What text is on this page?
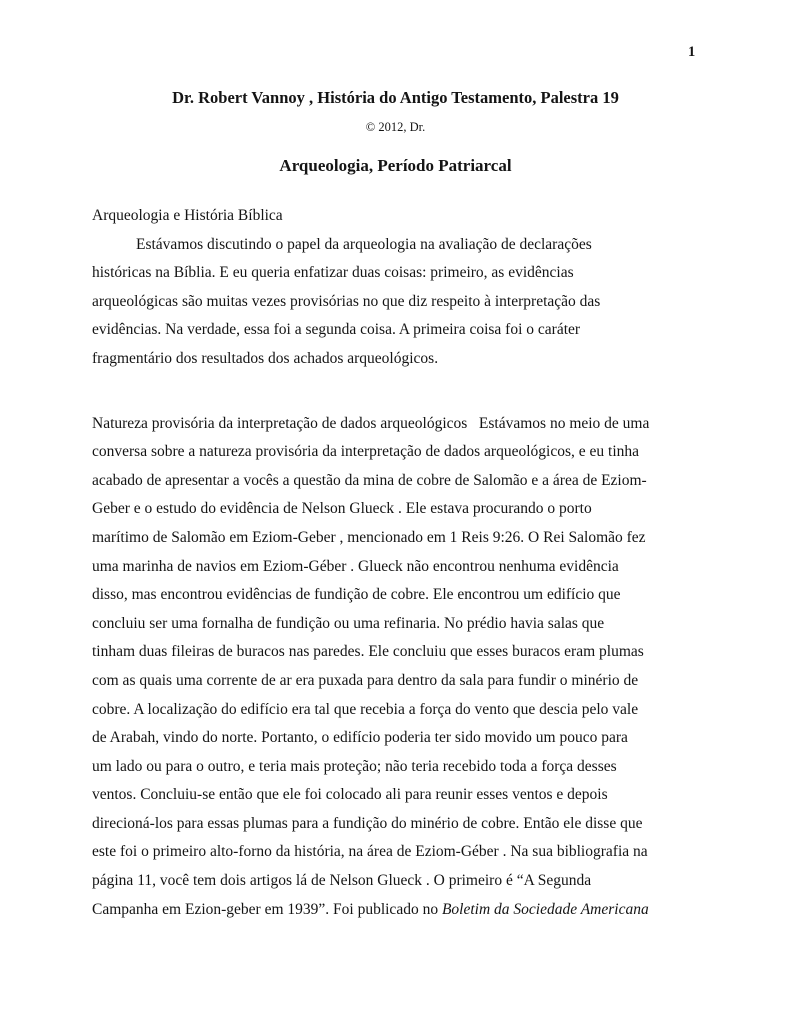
1
Dr. Robert Vannoy , História do Antigo Testamento, Palestra 19
© 2012, Dr.
Arqueologia, Período Patriarcal
Arqueologia e História Bíblica
Estávamos discutindo o papel da arqueologia na avaliação de declarações
históricas na Bíblia. E eu queria enfatizar duas coisas: primeiro, as evidências
arqueológicas são muitas vezes provisórias no que diz respeito à interpretação das
evidências. Na verdade, essa foi a segunda coisa. A primeira coisa foi o caráter
fragmentário dos resultados dos achados arqueológicos.
Natureza provisória da interpretação de dados arqueológicos   Estávamos no meio de uma
conversa sobre a natureza provisória da interpretação de dados arqueológicos, e eu tinha
acabado de apresentar a vocês a questão da mina de cobre de Salomão e a área de Eziom-
Geber e o estudo do evidência de Nelson Glueck . Ele estava procurando o porto
marítimo de Salomão em Eziom-Geber , mencionado em 1 Reis 9:26. O Rei Salomão fez
uma marinha de navios em Eziom-Géber . Glueck não encontrou nenhuma evidência
disso, mas encontrou evidências de fundição de cobre. Ele encontrou um edifício que
concluiu ser uma fornalha de fundição ou uma refinaria. No prédio havia salas que
tinham duas fileiras de buracos nas paredes. Ele concluiu que esses buracos eram plumas
com as quais uma corrente de ar era puxada para dentro da sala para fundir o minério de
cobre. A localização do edifício era tal que recebia a força do vento que descia pelo vale
de Arabah, vindo do norte. Portanto, o edifício poderia ter sido movido um pouco para
um lado ou para o outro, e teria mais proteção; não teria recebido toda a força desses
ventos. Concluiu-se então que ele foi colocado ali para reunir esses ventos e depois
direcioná-los para essas plumas para a fundição do minério de cobre. Então ele disse que
este foi o primeiro alto-forno da história, na área de Eziom-Géber . Na sua bibliografia na
página 11, você tem dois artigos lá de Nelson Glueck . O primeiro é “A Segunda
Campanha em Ezion-geber em 1939”. Foi publicado no Boletim da Sociedade Americana
